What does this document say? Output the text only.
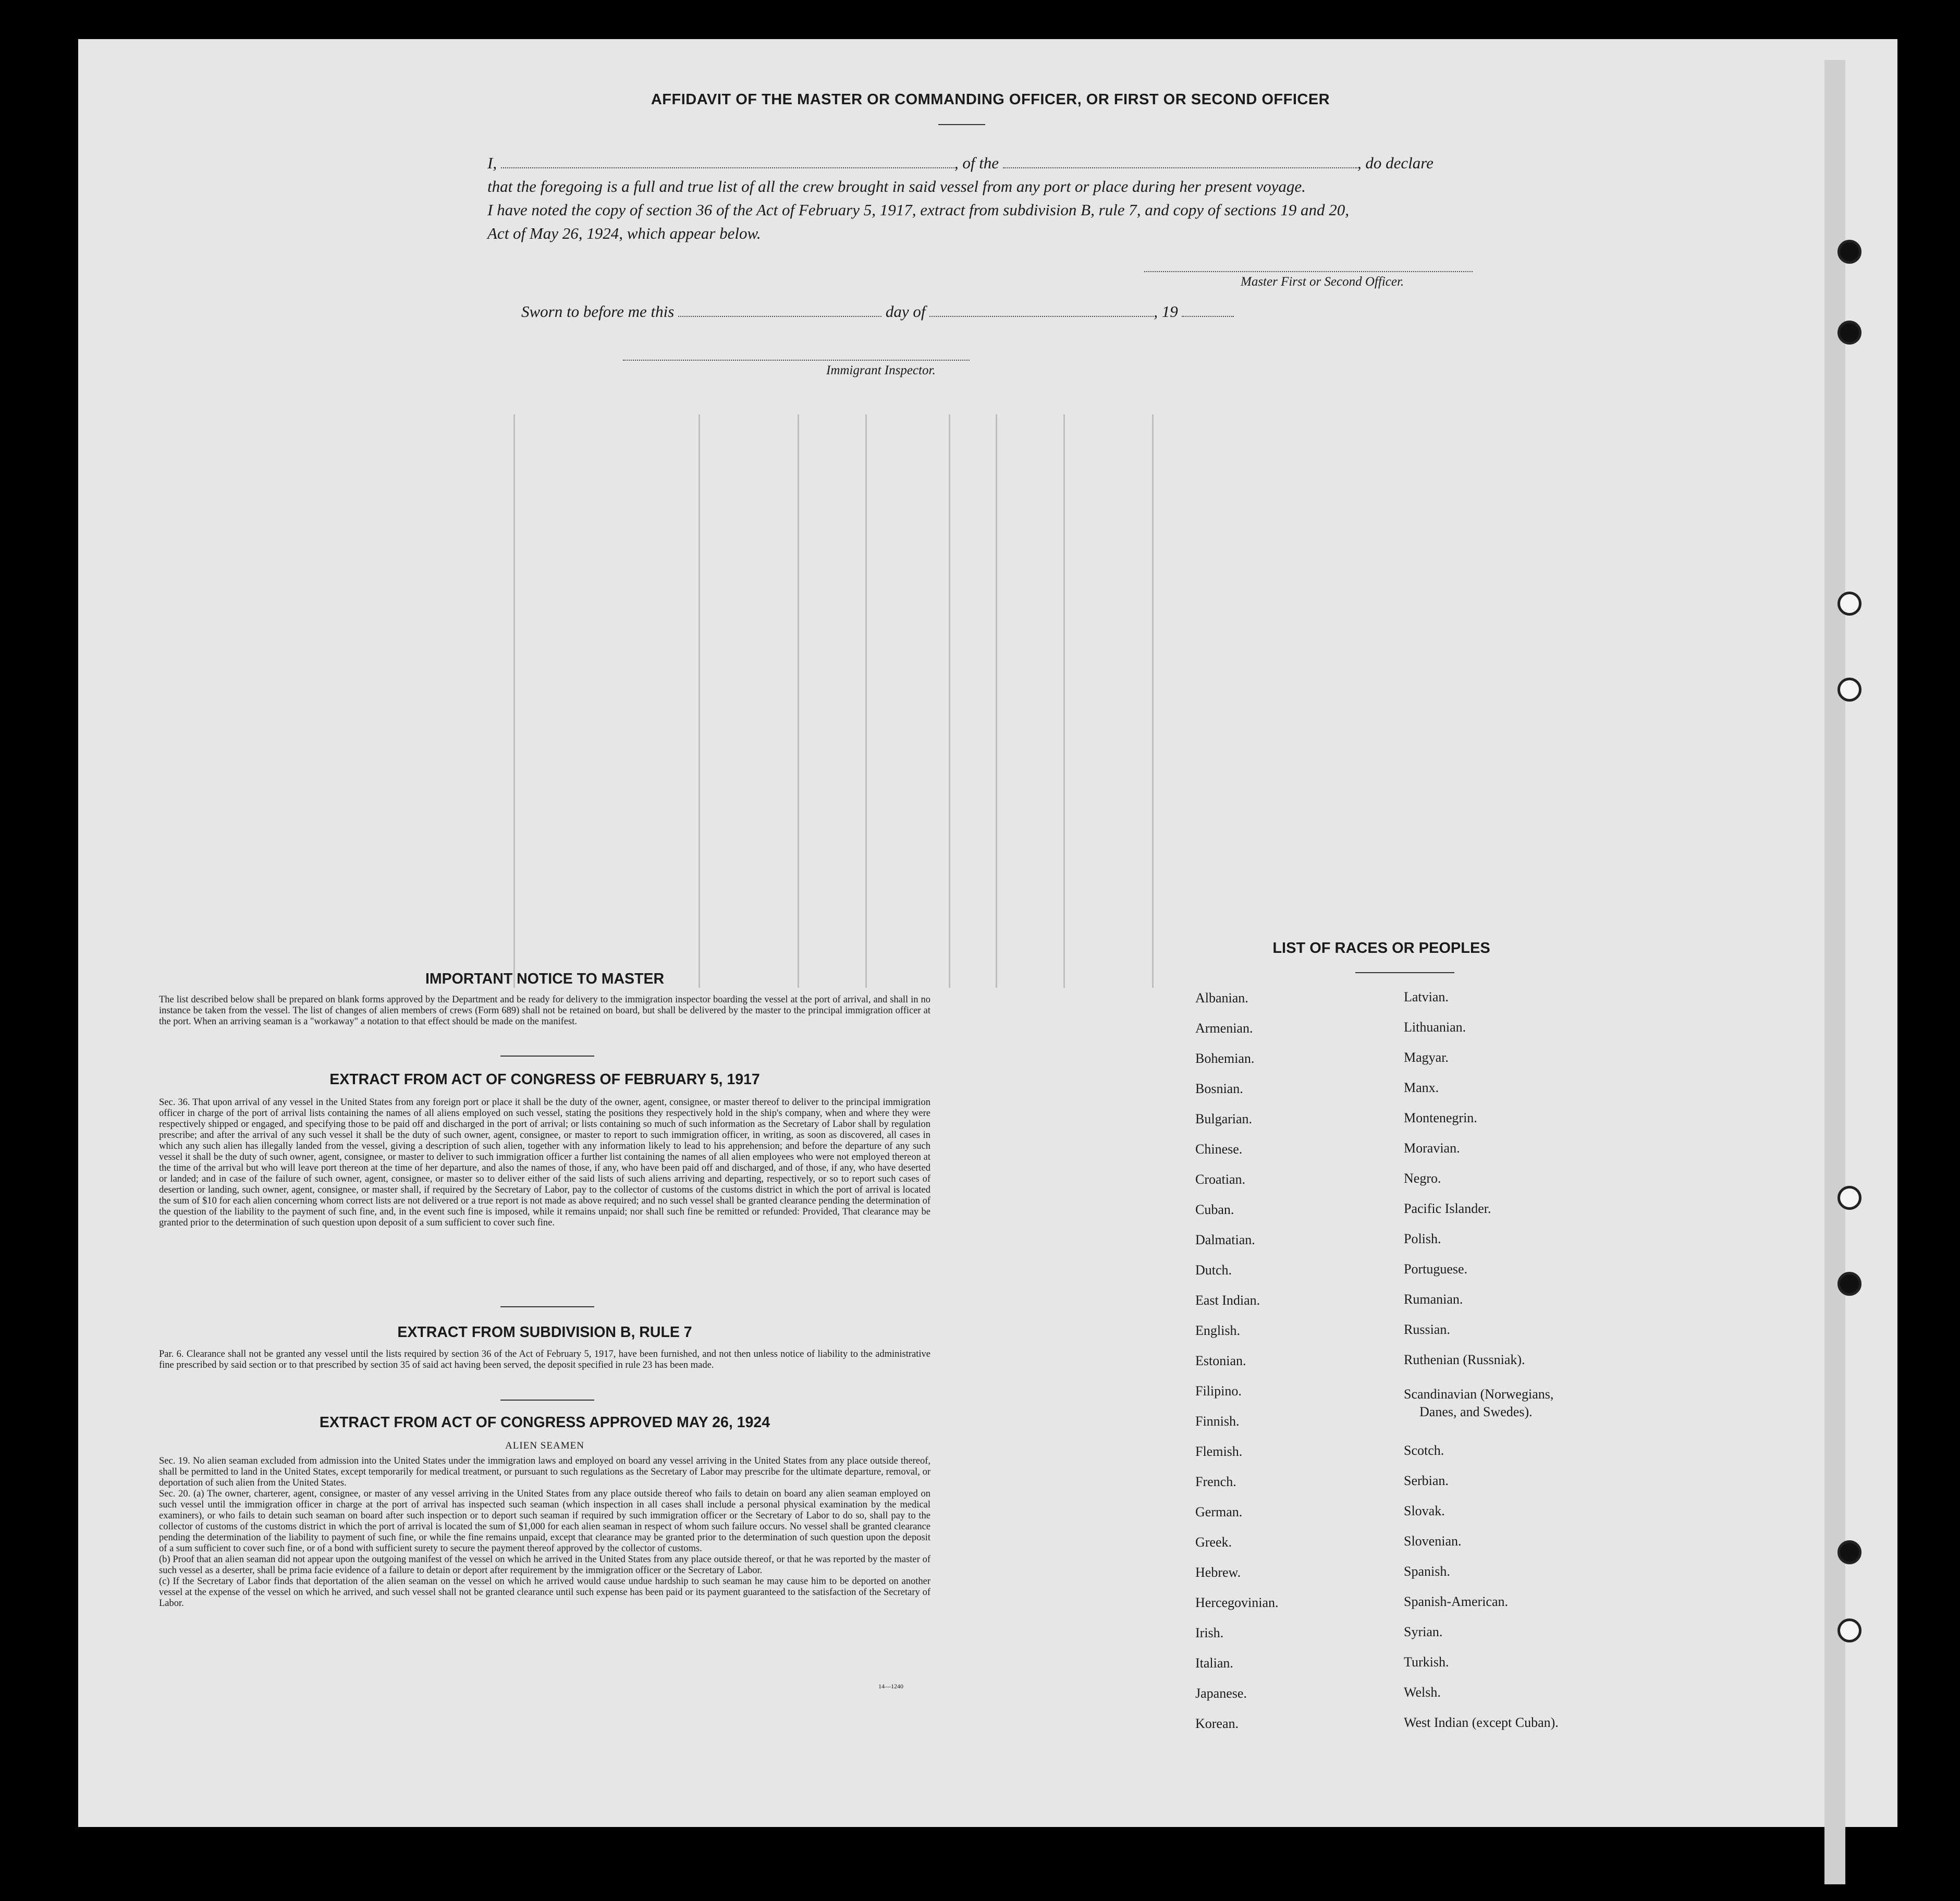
AFFIDAVIT OF THE MASTER OR COMMANDING OFFICER, OR FIRST OR SECOND OFFICER
I,	, of the	, do declare
that the foregoing is a full and true list of all the crew brought in said vessel from any port or place during her present voyage.
I have noted the copy of section 36 of the Act of February 5, 1917, extract from subdivision B, rule 7, and copy of sections 19 and 20,
Act of May 26, 1924, which appear below.
Master First or Second Officer.
Sworn to before me this	day of	, 19
Immigrant Inspector.
IMPORTANT NOTICE TO MASTER
The list described below shall be prepared on blank forms approved by the Department and be ready for delivery to the immigration inspector boarding the vessel at the port of arrival, and shall in no instance be taken from the vessel. The list of changes of alien members of crews (Form 689) shall not be retained on board, but shall be delivered by the master to the principal immigration officer at the port. When an arriving seaman is a "workaway" a notation to that effect should be made on the manifest.
EXTRACT FROM ACT OF CONGRESS OF FEBRUARY 5, 1917
Sec. 36. That upon arrival of any vessel in the United States from any foreign port or place it shall be the duty of the owner, agent, consignee, or master thereof to deliver to the principal immigration officer in charge of the port of arrival lists containing the names of all aliens employed on such vessel, stating the positions they respectively hold in the ship's company, when and where they were respectively shipped or engaged, and specifying those to be paid off and discharged in the port of arrival; or lists containing so much of such information as the Secretary of Labor shall by regulation prescribe; and after the arrival of any such vessel it shall be the duty of such owner, agent, consignee, or master to report to such immigration officer, in writing, as soon as discovered, all cases in which any such alien has illegally landed from the vessel, giving a description of such alien, together with any information likely to lead to his apprehension; and before the departure of any such vessel it shall be the duty of such owner, agent, consignee, or master to deliver to such immigration officer a further list containing the names of all alien employees who were not employed thereon at the time of the arrival but who will leave port thereon at the time of her departure, and also the names of those, if any, who have been paid off and discharged, and of those, if any, who have deserted or landed; and in case of the failure of such owner, agent, consignee, or master so to deliver either of the said lists of such aliens arriving and departing, respectively, or so to report such cases of desertion or landing, such owner, agent, consignee, or master shall, if required by the Secretary of Labor, pay to the collector of customs of the customs district in which the port of arrival is located the sum of $10 for each alien concerning whom correct lists are not delivered or a true report is not made as above required; and no such vessel shall be granted clearance pending the determination of the question of the liability to the payment of such fine, and, in the event such fine is imposed, while it remains unpaid; nor shall such fine be remitted or refunded: Provided, That clearance may be granted prior to the determination of such question upon deposit of a sum sufficient to cover such fine.
EXTRACT FROM SUBDIVISION B, RULE 7
Par. 6. Clearance shall not be granted any vessel until the lists required by section 36 of the Act of February 5, 1917, have been furnished, and not then unless notice of liability to the administrative fine prescribed by said section or to that prescribed by section 35 of said act having been served, the deposit specified in rule 23 has been made.
EXTRACT FROM ACT OF CONGRESS APPROVED MAY 26, 1924
ALIEN SEAMEN
Sec. 19. No alien seaman excluded from admission into the United States under the immigration laws and employed on board any vessel arriving in the United States from any place outside thereof, shall be permitted to land in the United States, except temporarily for medical treatment, or pursuant to such regulations as the Secretary of Labor may prescribe for the ultimate departure, removal, or deportation of such alien from the United States.
Sec. 20. (a) The owner, charterer, agent, consignee, or master of any vessel arriving in the United States from any place outside thereof who fails to detain on board any alien seaman employed on such vessel until the immigration officer in charge at the port of arrival has inspected such seaman (which inspection in all cases shall include a personal physical examination by the medical examiners), or who fails to detain such seaman on board after such inspection or to deport such seaman if required by such immigration officer or the Secretary of Labor to do so, shall pay to the collector of customs of the customs district in which the port of arrival is located the sum of $1,000 for each alien seaman in respect of whom such failure occurs. No vessel shall be granted clearance pending the determination of the liability to payment of such fine, or while the fine remains unpaid, except that clearance may be granted prior to the determination of such question upon the deposit of a sum sufficient to cover such fine, or of a bond with sufficient surety to secure the payment thereof approved by the collector of customs.
(b) Proof that an alien seaman did not appear upon the outgoing manifest of the vessel on which he arrived in the United States from any place outside thereof, or that he was reported by the master of such vessel as a deserter, shall be prima facie evidence of a failure to detain or deport after requirement by the immigration officer or the Secretary of Labor.
(c) If the Secretary of Labor finds that deportation of the alien seaman on the vessel on which he arrived would cause undue hardship to such seaman he may cause him to be deported on another vessel at the expense of the vessel on which he arrived, and such vessel shall not be granted clearance until such expense has been paid or its payment guaranteed to the satisfaction of the Secretary of Labor.
14—1240
LIST OF RACES OR PEOPLES
Albanian.
Armenian.
Bohemian.
Bosnian.
Bulgarian.
Chinese.
Croatian.
Cuban.
Dalmatian.
Dutch.
East Indian.
English.
Estonian.
Filipino.
Finnish.
Flemish.
French.
German.
Greek.
Hebrew.
Hercegovinian.
Irish.
Italian.
Japanese.
Korean.
Latvian.
Lithuanian.
Magyar.
Manx.
Montenegrin.
Moravian.
Negro.
Pacific Islander.
Polish.
Portuguese.
Rumanian.
Russian.
Ruthenian (Russniak).
Scandinavian (Norwegians,
Danes, and Swedes).
Scotch.
Serbian.
Slovak.
Slovenian.
Spanish.
Spanish-American.
Syrian.
Turkish.
Welsh.
West Indian (except Cuban).
